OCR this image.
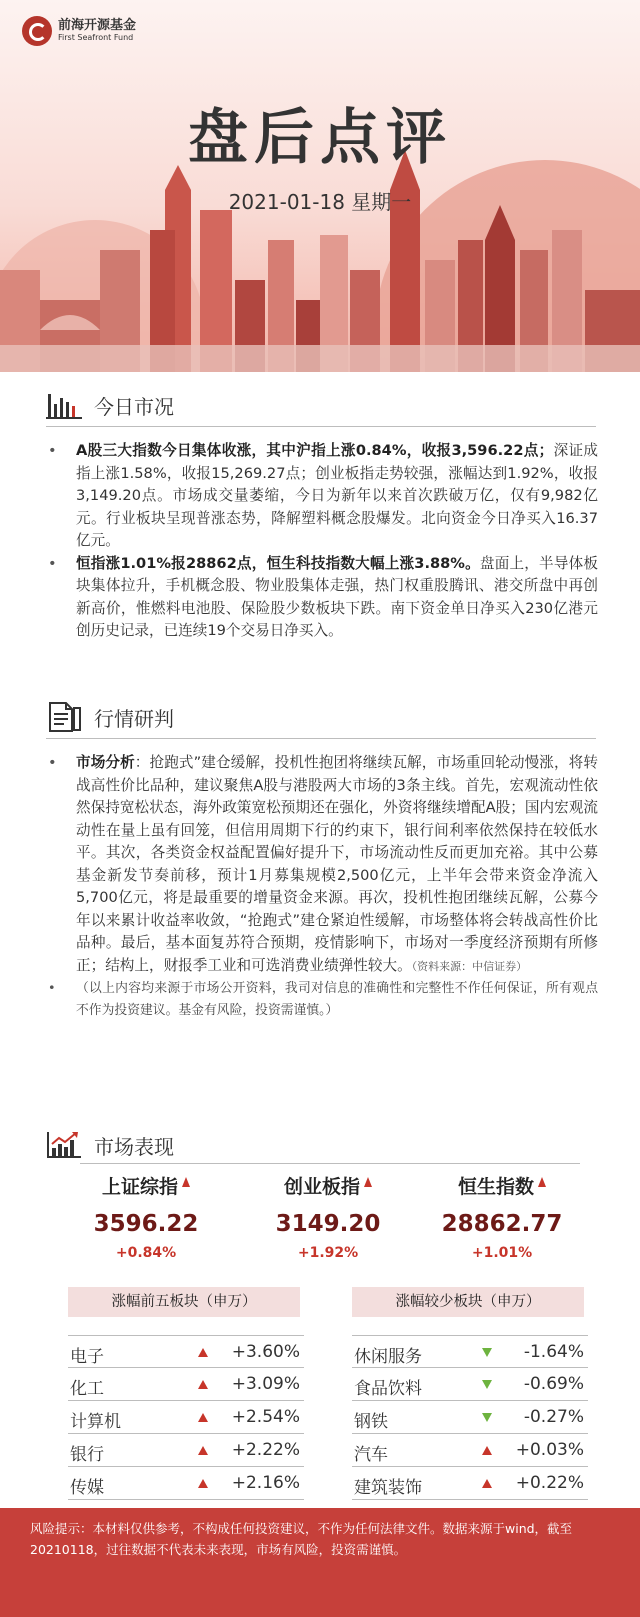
前海开源基金
First Seafront Fund
盘后点评
2021-01-18 星期一
今日市况
• A股三大指数今日集体收涨，其中沪指上涨0.84%，收报3,596.22点；深证成指上涨1.58%，收报15,269.27点；创业板指走势较强，涨幅达到1.92%，收报3,149.20点。市场成交量萎缩，今日为新年以来首次跌破万亿，仅有9,982亿元。行业板块呈现普涨态势，降解塑料概念股爆发。北向资金今日净买入16.37亿元。
• 恒指涨1.01%报28862点，恒生科技指数大幅上涨3.88%。盘面上，半导体板块集体拉升，手机概念股、物业股集体走强，热门权重股腾讯、港交所盘中再创新高价，惟燃料电池股、保险股少数板块下跌。南下资金单日净买入230亿港元创历史记录，已连续19个交易日净买入。
行情研判
• 市场分析：抢跑式”建仓缓解，投机性抱团将继续瓦解，市场重回轮动慢涨，将转战高性价比品种，建议聚焦A股与港股两大市场的3条主线。首先，宏观流动性依然保持宽松状态，海外政策宽松预期还在强化，外资将继续增配A股；国内宏观流动性在量上虽有回笼，但信用周期下行的约束下，银行间利率依然保持在较低水平。其次，各类资金权益配置偏好提升下，市场流动性反而更加充裕。其中公募基金新发节奏前移，预计1月募集规模2,500亿元，上半年会带来资金净流入5,700亿元，将是最重要的增量资金来源。再次，投机性抱团继续瓦解，公募今年以来累计收益率收敛，“抢跑式”建仓紧迫性缓解，市场整体将会转战高性价比品种。最后，基本面复苏符合预期，疫情影响下，市场对一季度经济预期有所修正；结构上，财报季工业和可选消费业绩弹性较大。（资料来源：中信证券）
• （以上内容均来源于市场公开资料，我司对信息的准确性和完整性不作任何保证，所有观点不作为投资建议。基金有风险，投资需谨慎。）
市场表现
上证综指
3596.22
+0.84%
创业板指
3149.20
+1.92%
恒生指数
28862.77
+1.01%
涨幅前五板块（申万）	涨幅较少板块（申万）
电子	+3.60%
化工	+3.09%
计算机	+2.54%
银行	+2.22%
传媒	+2.16%
休闲服务	-1.64%
食品饮料	-0.69%
钢铁	-0.27%
汽车	+0.03%
建筑装饰	+0.22%
风险提示：本材料仅供参考，不构成任何投资建议，不作为任何法律文件。数据来源于wind，截至20210118，过往数据不代表未来表现，市场有风险，投资需谨慎。
